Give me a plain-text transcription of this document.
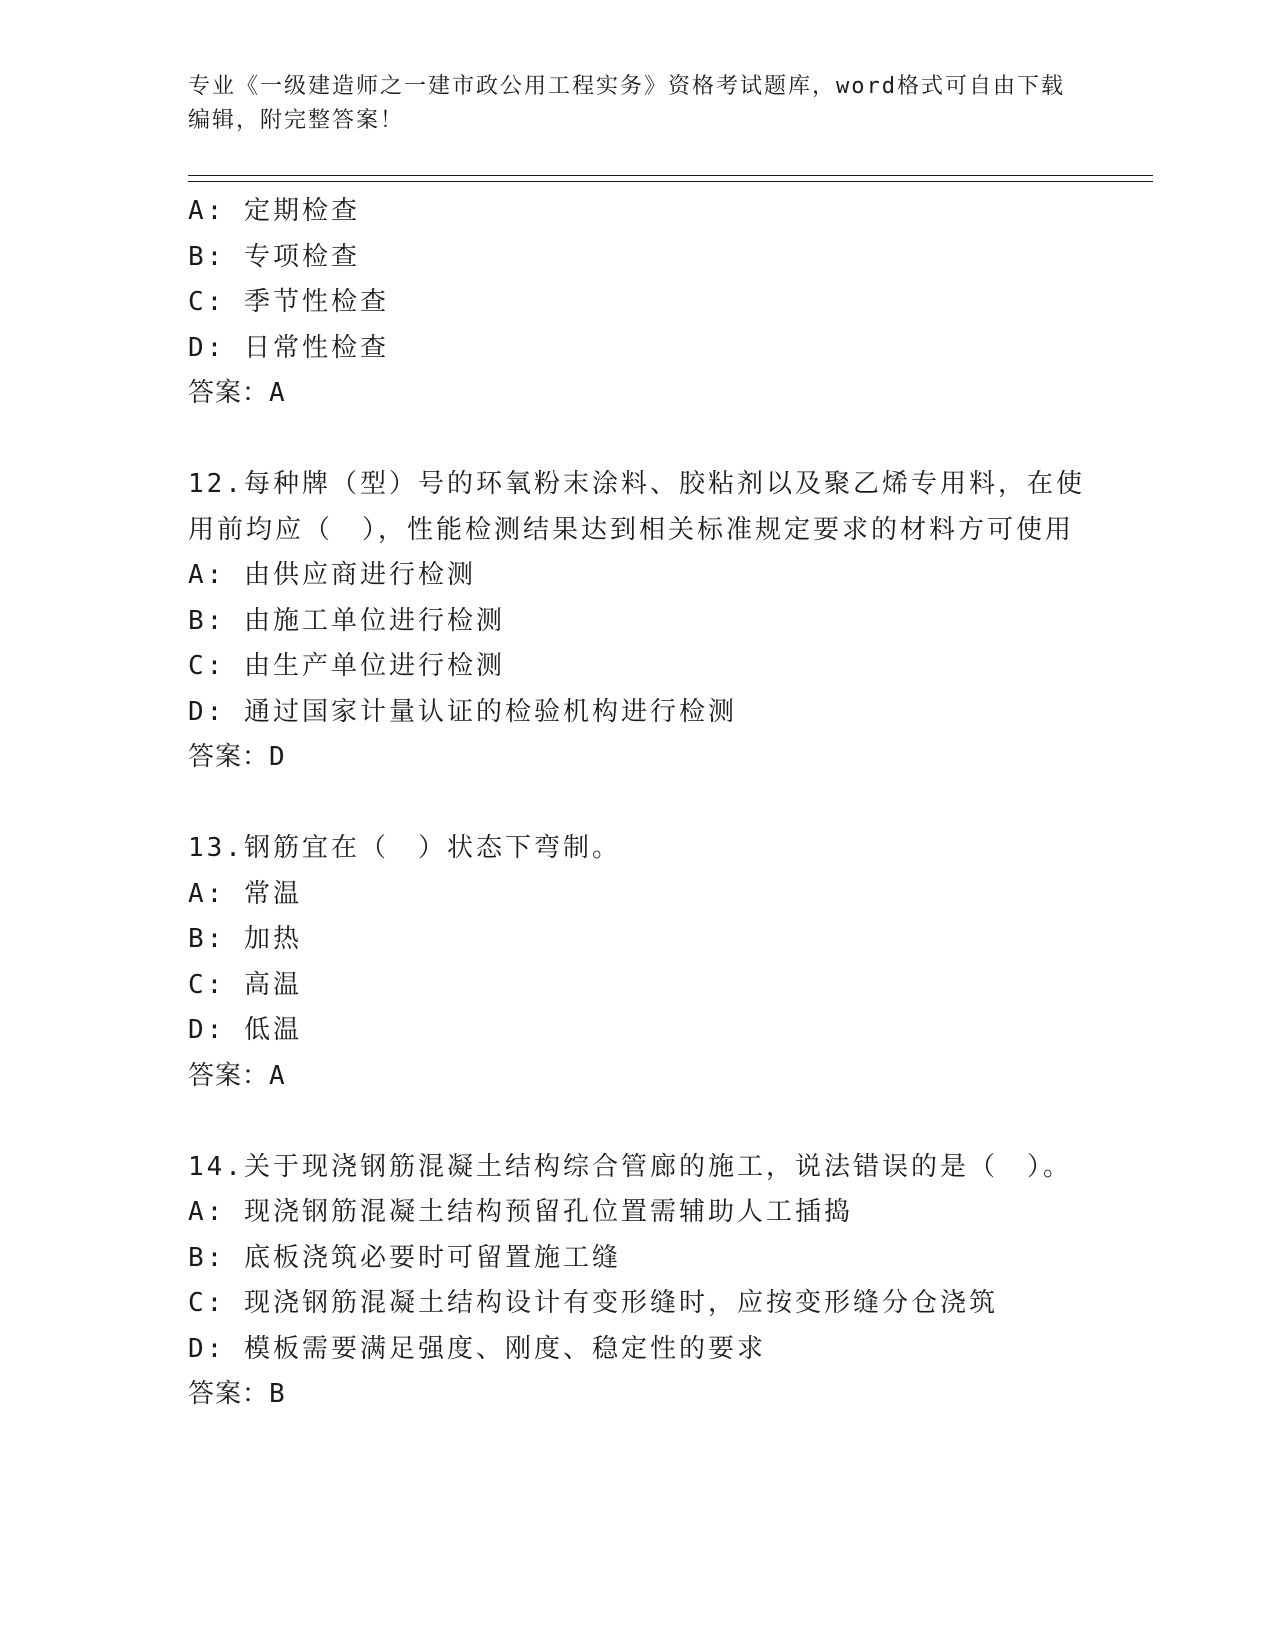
专业《一级建造师之一建市政公用工程实务》资格考试题库，word格式可自由下载编辑，附完整答案！
A: 定期检查
B: 专项检查
C: 季节性检查
D: 日常性检查
答案：A
12.每种牌（型）号的环氧粉末涂料、胶粘剂以及聚乙烯专用料，在使用前均应（　），性能检测结果达到相关标准规定要求的材料方可使用
A: 由供应商进行检测
B: 由施工单位进行检测
C: 由生产单位进行检测
D: 通过国家计量认证的检验机构进行检测
答案：D
13.钢筋宜在（　）状态下弯制。
A: 常温
B: 加热
C: 高温
D: 低温
答案：A
14.关于现浇钢筋混凝土结构综合管廊的施工，说法错误的是（　）。
A: 现浇钢筋混凝土结构预留孔位置需辅助人工插捣
B: 底板浇筑必要时可留置施工缝
C: 现浇钢筋混凝土结构设计有变形缝时，应按变形缝分仓浇筑
D: 模板需要满足强度、刚度、稳定性的要求
答案：B
